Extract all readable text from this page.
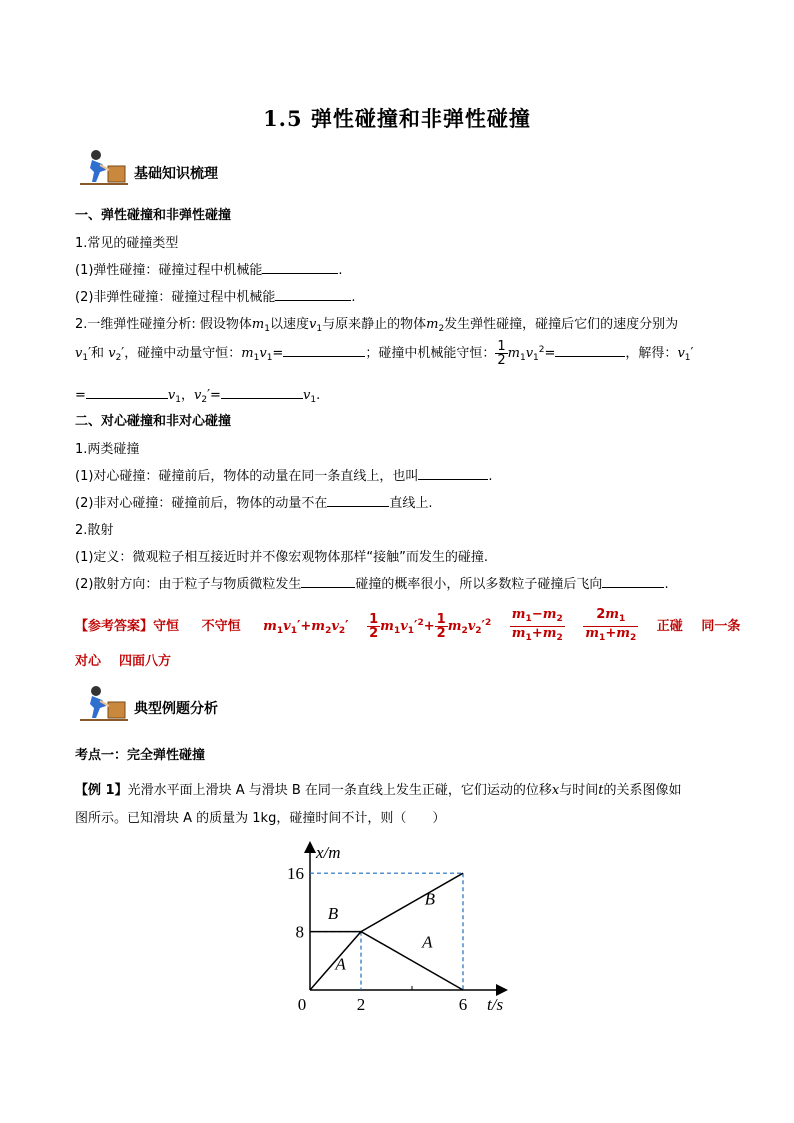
1.5 弹性碰撞和非弹性碰撞
基础知识梳理
一、弹性碰撞和非弹性碰撞
1.常见的碰撞类型
(1)弹性碰撞：碰撞过程中机械能	.
(2)非弹性碰撞：碰撞过程中机械能	.
2.一维弹性碰撞分析: 假设物体$m_1$以速度$v_1$与原来静止的物体$m_2$发生弹性碰撞，碰撞后它们的速度分别为
$v_1'$和 $v_2'$，碰撞中动量守恒：$m_1v_1=$	；碰撞中机械能守恒： $\frac{1}{2} m_1v_1^2=$	，解得：$v_1'$
=	$v_1$，$v_2'=$	$v_1$.
二、对心碰撞和非对心碰撞
1.两类碰撞
(1)对心碰撞：碰撞前后，物体的动量在同一条直线上，也叫	.
(2)非对心碰撞：碰撞前后，物体的动量不在	直线上.
2.散射
(1)定义：微观粒子相互接近时并不像宏观物体那样“接触”而发生的碰撞.
(2)散射方向：由于粒子与物质微粒发生	碰撞的概率很小，所以多数粒子碰撞后飞向	.
【参考答案】守恒 不守恒 $m_1v_1'+m_2v_2' \frac{1}{2} m_1v_1'^2+ \frac{1}{2} m_2v_2'^2 \frac{m_1-m_2}{m_1+m_2}$
$\frac{2m_1}{m_1+m_2}$ 正碰 同一条
对心 四面八方
典型例题分析
考点一：完全弹性碰撞
【例 1】光滑水平面上滑块 A 与滑块 B 在同一条直线上发生正碰，它们运动的位移x与时间t的关系图像如
图所示。已知滑块 A 的质量为 1kg，碰撞时间不计，则（　　）
A
A
B
B
0	2	6
8
16
t/s
x/m
